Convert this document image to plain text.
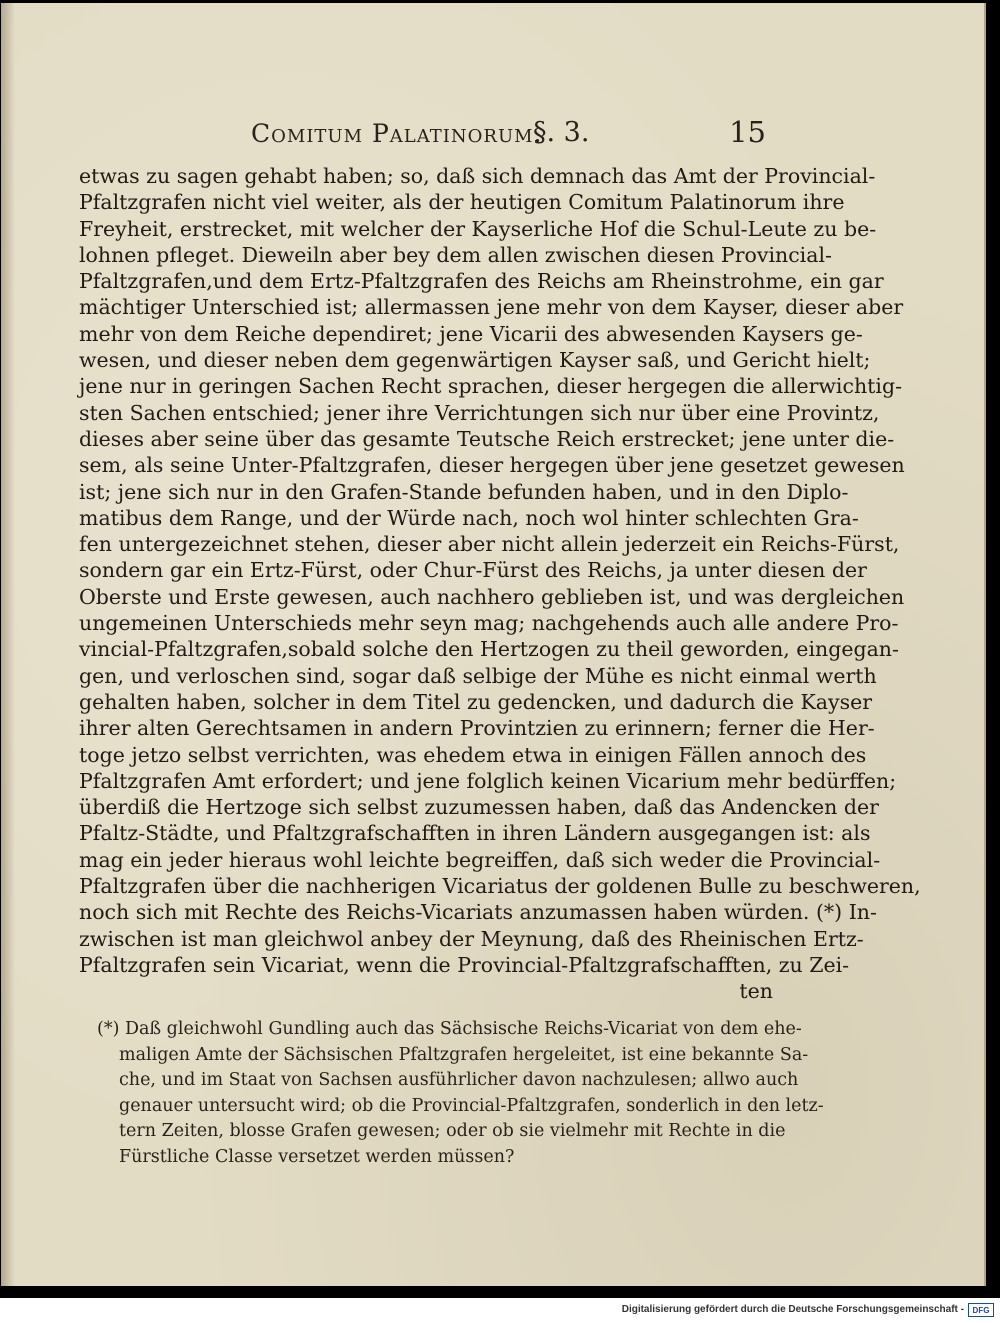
Comitum Palatinorum.
§. 3.	15
etwas zu sagen gehabt haben; so, daß sich demnach das Amt der Provincial-
Pfaltzgrafen nicht viel weiter, als der heutigen Comitum Palatinorum ihre
Freyheit, erstrecket, mit welcher der Kayserliche Hof die Schul-Leute zu be-
lohnen pfleget. Dieweiln aber bey dem allen zwischen diesen Provincial-
Pfaltzgrafen,und dem Ertz-Pfaltzgrafen des Reichs am Rheinstrohme, ein gar
mächtiger Unterschied ist; allermassen jene mehr von dem Kayser, dieser aber
mehr von dem Reiche dependiret; jene Vicarii des abwesenden Kaysers ge-
wesen, und dieser neben dem gegenwärtigen Kayser saß, und Gericht hielt;
jene nur in geringen Sachen Recht sprachen, dieser hergegen die allerwichtig-
sten Sachen entschied; jener ihre Verrichtungen sich nur über eine Provintz,
dieses aber seine über das gesamte Teutsche Reich erstrecket; jene unter die-
sem, als seine Unter-Pfaltzgrafen, dieser hergegen über jene gesetzet gewesen
ist; jene sich nur in den Grafen-Stande befunden haben, und in den Diplo-
matibus dem Range, und der Würde nach, noch wol hinter schlechten Gra-
fen untergezeichnet stehen, dieser aber nicht allein jederzeit ein Reichs-Fürst,
sondern gar ein Ertz-Fürst, oder Chur-Fürst des Reichs, ja unter diesen der
Oberste und Erste gewesen, auch nachhero geblieben ist, und was dergleichen
ungemeinen Unterschieds mehr seyn mag; nachgehends auch alle andere Pro-
vincial-Pfaltzgrafen,sobald solche den Hertzogen zu theil geworden, eingegan-
gen, und verloschen sind, sogar daß selbige der Mühe es nicht einmal werth
gehalten haben, solcher in dem Titel zu gedencken, und dadurch die Kayser
ihrer alten Gerechtsamen in andern Provintzien zu erinnern; ferner die Her-
toge jetzo selbst verrichten, was ehedem etwa in einigen Fällen annoch des
Pfaltzgrafen Amt erfordert; und jene folglich keinen Vicarium mehr bedürffen;
überdiß die Hertzoge sich selbst zuzumessen haben, daß das Andencken der
Pfaltz-Städte, und Pfaltzgrafschafften in ihren Ländern ausgegangen ist: als
mag ein jeder hieraus wohl leichte begreiffen, daß sich weder die Provincial-
Pfaltzgrafen über die nachherigen Vicariatus der goldenen Bulle zu beschweren,
noch sich mit Rechte des Reichs-Vicariats anzumassen haben würden. (*) In-
zwischen ist man gleichwol anbey der Meynung, daß des Rheinischen Ertz-
Pfaltzgrafen sein Vicariat, wenn die Provincial-Pfaltzgrafschafften, zu Zei-
ten
(*) Daß gleichwohl Gundling auch das Sächsische Reichs-Vicariat von dem ehe-
maligen Amte der Sächsischen Pfaltzgrafen hergeleitet, ist eine bekannte Sa-
che, und im Staat von Sachsen ausführlicher davon nachzulesen; allwo auch
genauer untersucht wird; ob die Provincial-Pfaltzgrafen, sonderlich in den letz-
tern Zeiten, blosse Grafen gewesen; oder ob sie vielmehr mit Rechte in die
Fürstliche Classe versetzet werden müssen?
Digitalisierung gefördert durch die Deutsche Forschungsgemeinschaft -	DFG
